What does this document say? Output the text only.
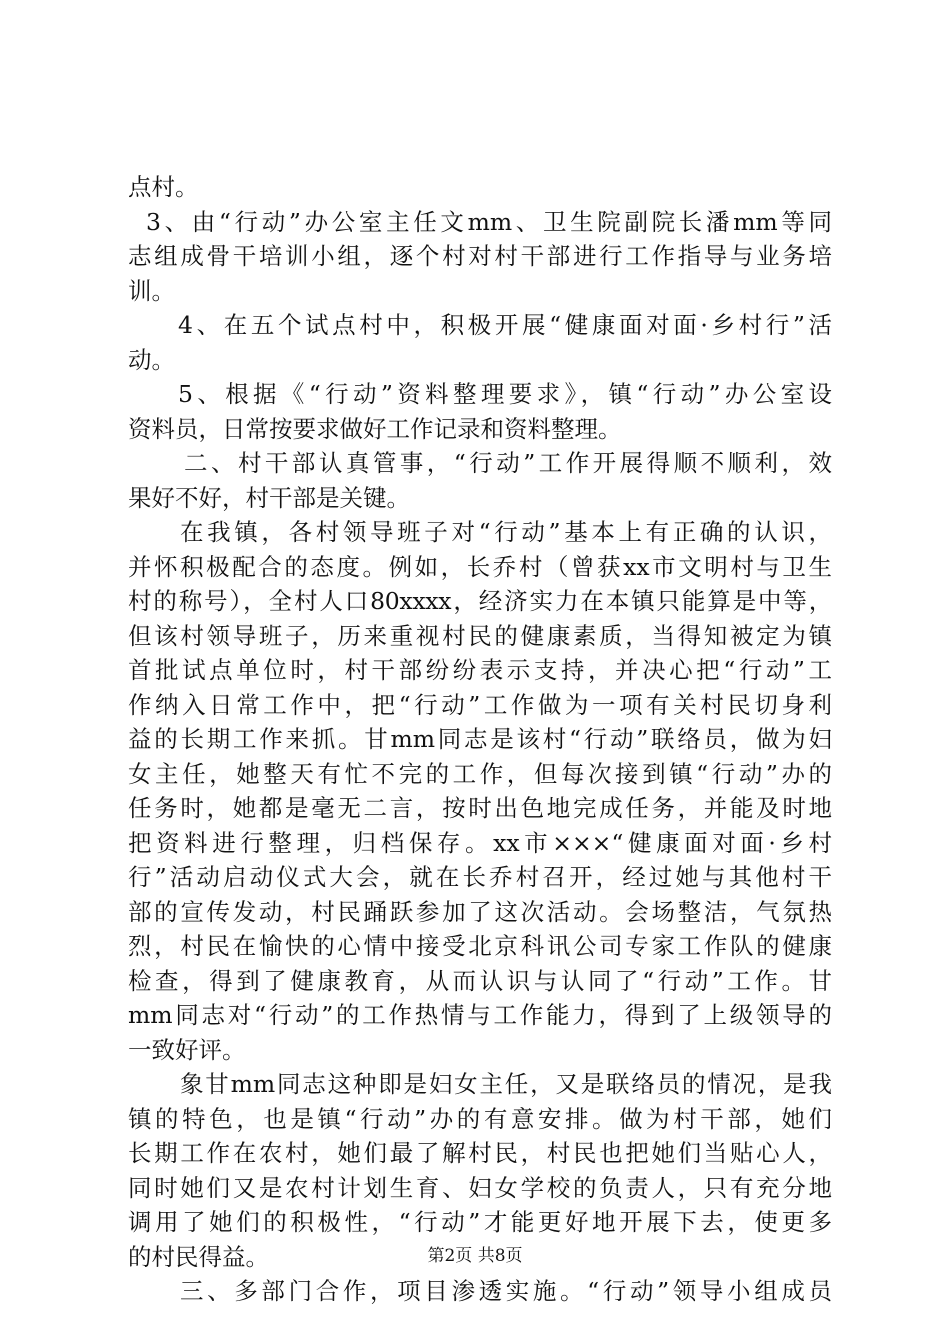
点村。
3、由“行动”办公室主任文mm、卫生院副院长潘mm等同
志组成骨干培训小组，逐个村对村干部进行工作指导与业务培
训。
4、在五个试点村中，积极开展“健康面对面·乡村行”活
动。
5、根据《“行动”资料整理要求》，镇“行动”办公室设
资料员，日常按要求做好工作记录和资料整理。
二、村干部认真管事，“行动”工作开展得顺不顺利，效
果好不好，村干部是关键。
在我镇，各村领导班子对“行动”基本上有正确的认识，
并怀积极配合的态度。例如，长乔村（曾获xx市文明村与卫生
村的称号），全村人口80xxxx，经济实力在本镇只能算是中等，
但该村领导班子，历来重视村民的健康素质，当得知被定为镇
首批试点单位时，村干部纷纷表示支持，并决心把“行动”工
作纳入日常工作中，把“行动”工作做为一项有关村民切身利
益的长期工作来抓。甘mm同志是该村“行动”联络员，做为妇
女主任，她整天有忙不完的工作，但每次接到镇“行动”办的
任务时，她都是毫无二言，按时出色地完成任务，并能及时地
把资料进行整理，归档保存。xx市×××“健康面对面·乡村
行”活动启动仪式大会，就在长乔村召开，经过她与其他村干
部的宣传发动，村民踊跃参加了这次活动。会场整洁，气氛热
烈，村民在愉快的心情中接受北京科讯公司专家工作队的健康
检查，得到了健康教育，从而认识与认同了“行动”工作。甘
mm同志对“行动”的工作热情与工作能力，得到了上级领导的
一致好评。
象甘mm同志这种即是妇女主任，又是联络员的情况，是我
镇的特色，也是镇“行动”办的有意安排。做为村干部，她们
长期工作在农村，她们最了解村民，村民也把她们当贴心人，
同时她们又是农村计划生育、妇女学校的负责人，只有充分地
调用了她们的积极性，“行动”才能更好地开展下去，使更多
的村民得益。
三、多部门合作，项目渗透实施。“行动”领导小组成员
第2页 共8页
